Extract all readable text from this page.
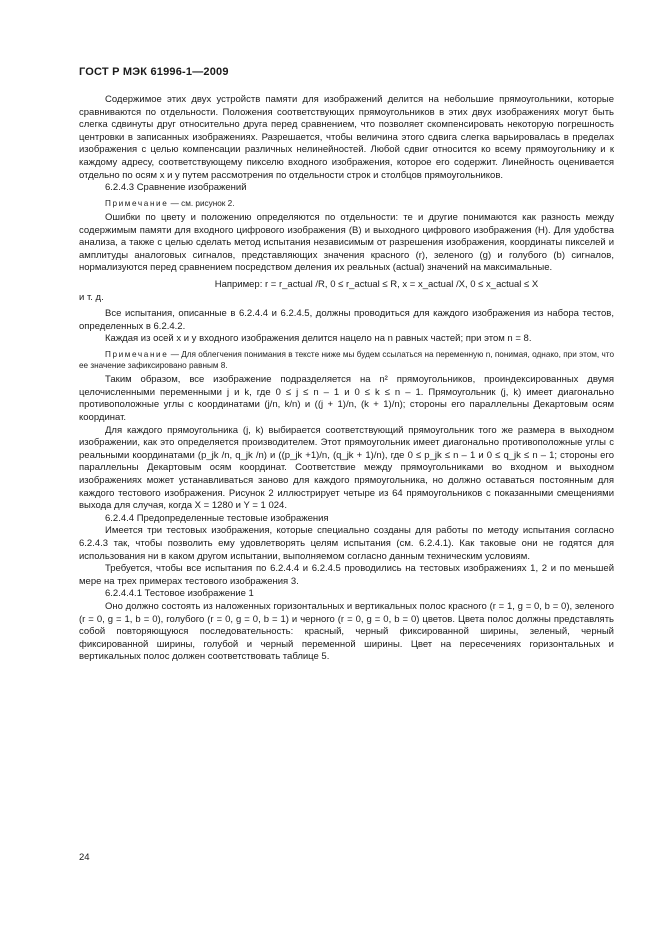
ГОСТ Р МЭК 61996-1—2009

Содержимое этих двух устройств памяти для изображений делится на небольшие прямоугольники, которые сравниваются по отдельности. Положения соответствующих прямоугольников в этих двух изображениях могут быть слегка сдвинуты друг относительно друга перед сравнением, что позволяет скомпенсировать некоторую погрешность центровки в записанных изображениях. Разрешается, чтобы величина этого сдвига слегка варьировалась в пределах изображения с целью компенсации различных нелинейностей. Любой сдвиг относится ко всему прямоугольнику и к каждому адресу, соответствующему пикселю входного изображения, которое его содержит. Линейность оценивается отдельно по осям x и y путем рассмотрения по отдельности строк и столбцов прямоугольников.

6.2.4.3 Сравнение изображений

Примечание — см. рисунок 2.

Ошибки по цвету и положению определяются по отдельности: те и другие понимаются как разность между содержимым памяти для входного цифрового изображения (В) и выходного цифрового изображения (Н). Для удобства анализа, а также с целью сделать метод испытания независимым от разрешения изображения, координаты пикселей и амплитуды аналоговых сигналов, представляющих значения красного (r), зеленого (g) и голубого (b) сигналов, нормализуются перед сравнением посредством деления их реальных (actual) значений на максимальные.

Например: r = r_actual /R, 0 ≤ r_actual ≤ R, x = x_actual /X, 0 ≤ x_actual ≤ X

и т. д.

Все испытания, описанные в 6.2.4.4 и 6.2.4.5, должны проводиться для каждого изображения из набора тестов, определенных в 6.2.4.2.

Каждая из осей x и y входного изображения делится нацело на n равных частей; при этом n = 8.

Примечание — Для облегчения понимания в тексте ниже мы будем ссылаться на переменную n, понимая, однако, при этом, что ее значение зафиксировано равным 8.

Таким образом, все изображение подразделяется на n² прямоугольников, проиндексированных двумя целочисленными переменными j и k, где 0 ≤ j ≤ n – 1 и 0 ≤ k ≤ n – 1. Прямоугольник (j, k) имеет диагонально противоположные углы с координатами (j/n, k/n) и ((j + 1)/n, (k + 1)/n); стороны его параллельны Декартовым осям координат.

Для каждого прямоугольника (j, k) выбирается соответствующий прямоугольник того же размера в выходном изображении, как это определяется производителем. Этот прямоугольник имеет диагонально противоположные углы с реальными координатами (p_jk /n, q_jk /n) и ((p_jk +1)/n, (q_jk + 1)/n), где 0 ≤ p_jk ≤ n – 1 и 0 ≤ q_jk ≤ n – 1; стороны его параллельны Декартовым осям координат. Соответствие между прямоугольниками во входном и выходном изображениях может устанавливаться заново для каждого прямоугольника, но должно оставаться постоянным для каждого тестового изображения. Рисунок 2 иллюстрирует четыре из 64 прямоугольников с показанными смещениями выхода для случая, когда X = 1280 и Y = 1 024.

6.2.4.4 Предопределенные тестовые изображения

Имеется три тестовых изображения, которые специально созданы для работы по методу испытания согласно 6.2.4.3 так, чтобы позволить ему удовлетворять целям испытания (см. 6.2.4.1). Как таковые они не годятся для использования ни в каком другом испытании, выполняемом согласно данным техническим условиям.

Требуется, чтобы все испытания по 6.2.4.4 и 6.2.4.5 проводились на тестовых изображениях 1, 2 и по меньшей мере на трех примерах тестового изображения 3.

6.2.4.4.1 Тестовое изображение 1

Оно должно состоять из наложенных горизонтальных и вертикальных полос красного (r = 1, g = 0, b = 0), зеленого (r = 0, g = 1, b = 0), голубого (r = 0, g = 0, b = 1) и черного (r = 0, g = 0, b = 0) цветов. Цвета полос должны представлять собой повторяющуюся последовательность: красный, черный фиксированной ширины, зеленый, черный фиксированной ширины, голубой и черный переменной ширины. Цвет на пересечениях горизонтальных и вертикальных полос должен соответствовать таблице 5.

24
